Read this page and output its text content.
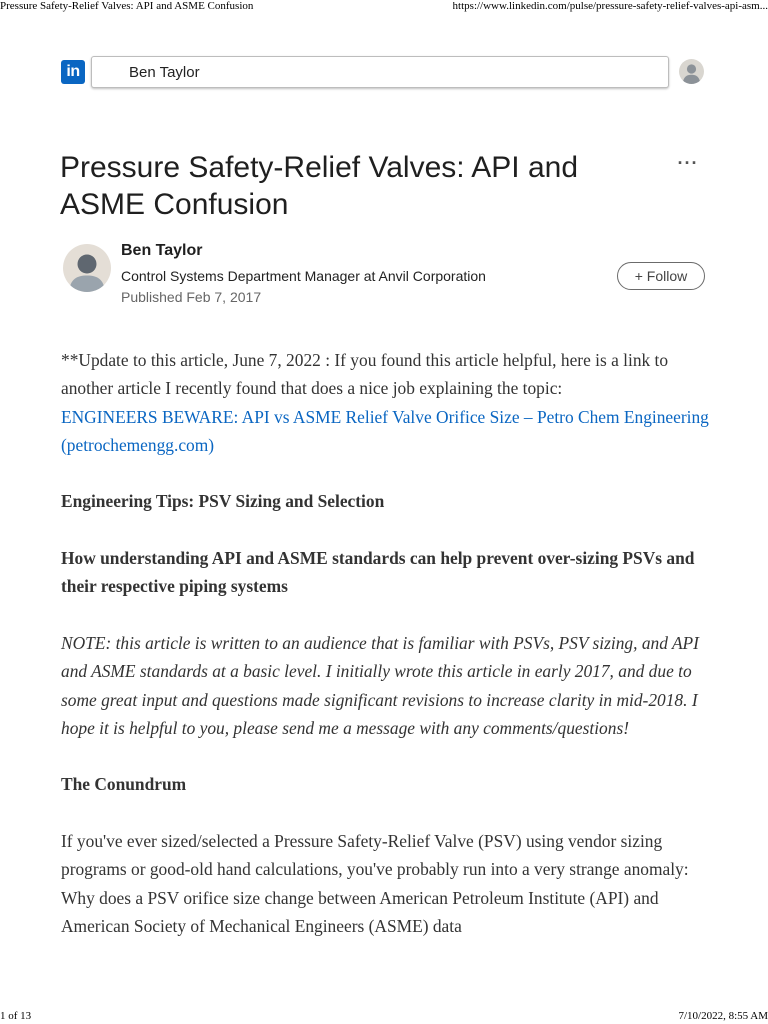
Pressure Safety-Relief Valves: API and ASME Confusion	https://www.linkedin.com/pulse/pressure-safety-relief-valves-api-asm...
in	Ben Taylor
Pressure Safety-Relief Valves: API and ASME Confusion
···
Ben Taylor
Control Systems Department Manager at Anvil Corporation
Published Feb 7, 2017
+ Follow

**Update to this article, June 7, 2022 : If you found this article helpful, here is a link to another article I recently found that does a nice job explaining the topic:
ENGINEERS BEWARE: API vs ASME Relief Valve Orifice Size – Petro Chem Engineering (petrochemengg.com)

Engineering Tips: PSV Sizing and Selection

How understanding API and ASME standards can help prevent over-sizing PSVs and their respective piping systems

NOTE: this article is written to an audience that is familiar with PSVs, PSV sizing, and API and ASME standards at a basic level. I initially wrote this article in early 2017, and due to some great input and questions made significant revisions to increase clarity in mid-2018. I hope it is helpful to you, please send me a message with any comments/questions!

The Conundrum

If you've ever sized/selected a Pressure Safety-Relief Valve (PSV) using vendor sizing programs or good-old hand calculations, you've probably run into a very strange anomaly: Why does a PSV orifice size change between American Petroleum Institute (API) and American Society of Mechanical Engineers (ASME) data

1 of 13	7/10/2022, 8:55 AM
